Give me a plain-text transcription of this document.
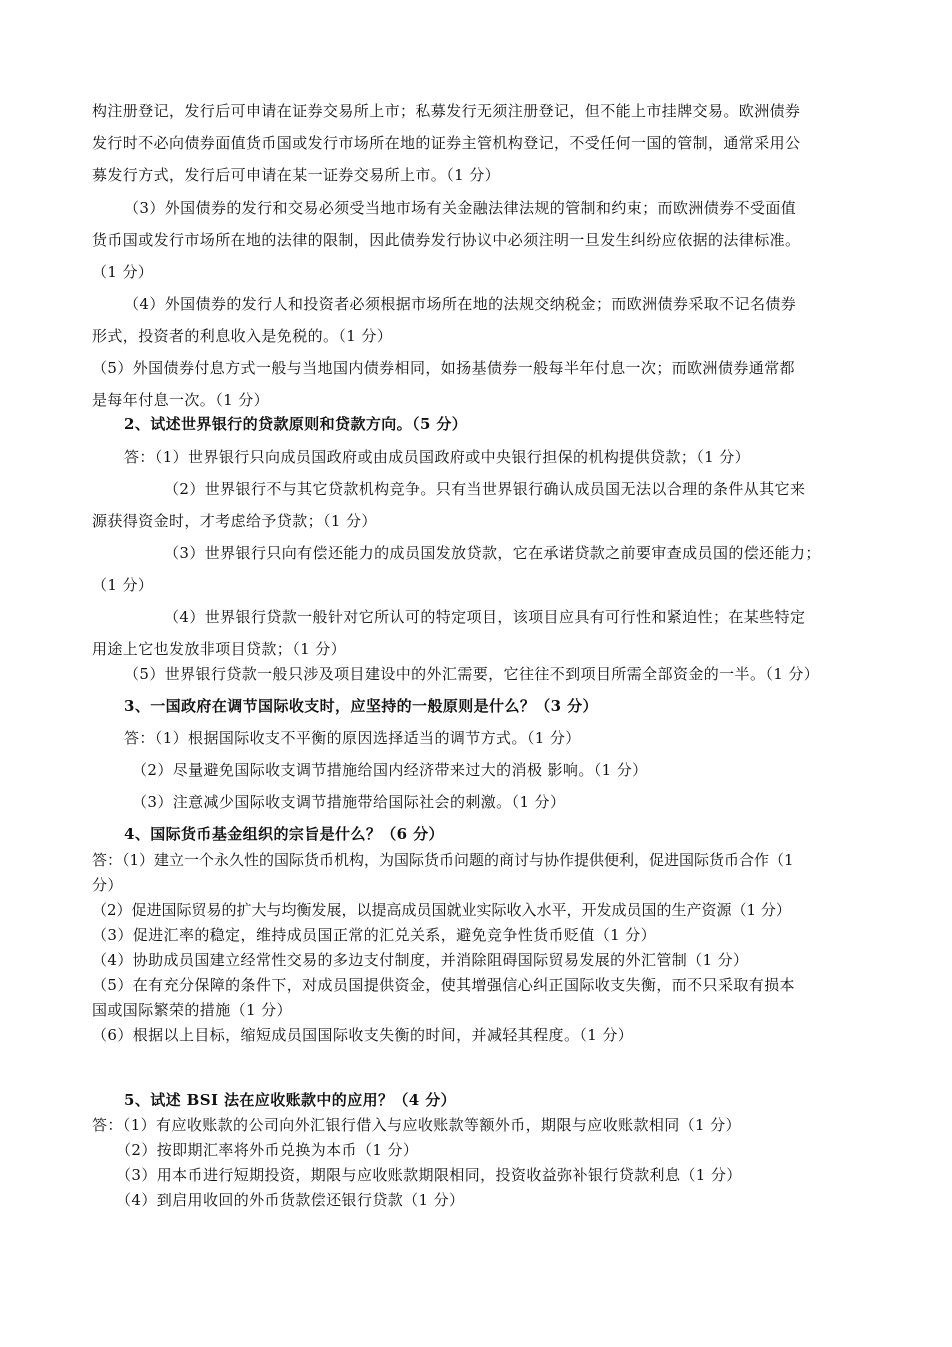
构注册登记，发行后可申请在证券交易所上市；私募发行无须注册登记，但不能上市挂牌交易。欧洲债券
发行时不必向债券面值货币国或发行市场所在地的证券主管机构登记，不受任何一国的管制，通常采用公
募发行方式，发行后可申请在某一证券交易所上市。（1 分）
（3）外国债券的发行和交易必须受当地市场有关金融法律法规的管制和约束；而欧洲债券不受面值
货币国或发行市场所在地的法律的限制，因此债券发行协议中必须注明一旦发生纠纷应依据的法律标准。
（1 分）
（4）外国债券的发行人和投资者必须根据市场所在地的法规交纳税金；而欧洲债券采取不记名债券
形式，投资者的利息收入是免税的。（1 分）
（5）外国债券付息方式一般与当地国内债券相同，如扬基债券一般每半年付息一次；而欧洲债券通常都
是每年付息一次。（1 分）
2、试述世界银行的贷款原则和贷款方向。（5 分）
答：（1）世界银行只向成员国政府或由成员国政府或中央银行担保的机构提供贷款；（1 分）
（2）世界银行不与其它贷款机构竞争。只有当世界银行确认成员国无法以合理的条件从其它来
源获得资金时，才考虑给予贷款；（1 分）
（3）世界银行只向有偿还能力的成员国发放贷款，它在承诺贷款之前要审查成员国的偿还能力；
（1 分）
（4）世界银行贷款一般针对它所认可的特定项目，该项目应具有可行性和紧迫性；在某些特定
用途上它也发放非项目贷款；（1 分）
（5）世界银行贷款一般只涉及项目建设中的外汇需要，它往往不到项目所需全部资金的一半。（1 分）
3、一国政府在调节国际收支时，应坚持的一般原则是什么？（3 分）
答：（1）根据国际收支不平衡的原因选择适当的调节方式。（1 分）
（2）尽量避免国际收支调节措施给国内经济带来过大的消极 影响。（1 分）
（3）注意减少国际收支调节措施带给国际社会的刺激。（1 分）
4、国际货币基金组织的宗旨是什么？（6 分）
答：（1）建立一个永久性的国际货币机构，为国际货币问题的商讨与协作提供便利，促进国际货币合作（1
分）
（2）促进国际贸易的扩大与均衡发展，以提高成员国就业实际收入水平，开发成员国的生产资源（1 分）
（3）促进汇率的稳定，维持成员国正常的汇兑关系，避免竞争性货币贬值（1 分）
（4）协助成员国建立经常性交易的多边支付制度，并消除阻碍国际贸易发展的外汇管制（1 分）
（5）在有充分保障的条件下，对成员国提供资金，使其增强信心纠正国际收支失衡，而不只采取有损本
国或国际繁荣的措施（1 分）
（6）根据以上目标，缩短成员国国际收支失衡的时间，并减轻其程度。（1 分）
5、试述 BSI 法在应收账款中的应用？（4 分）
答：（1）有应收账款的公司向外汇银行借入与应收账款等额外币，期限与应收账款相同（1 分）
（2）按即期汇率将外币兑换为本币（1 分）
（3）用本币进行短期投资，期限与应收账款期限相同，投资收益弥补银行贷款利息（1 分）
（4）到启用收回的外币货款偿还银行贷款（1 分）
